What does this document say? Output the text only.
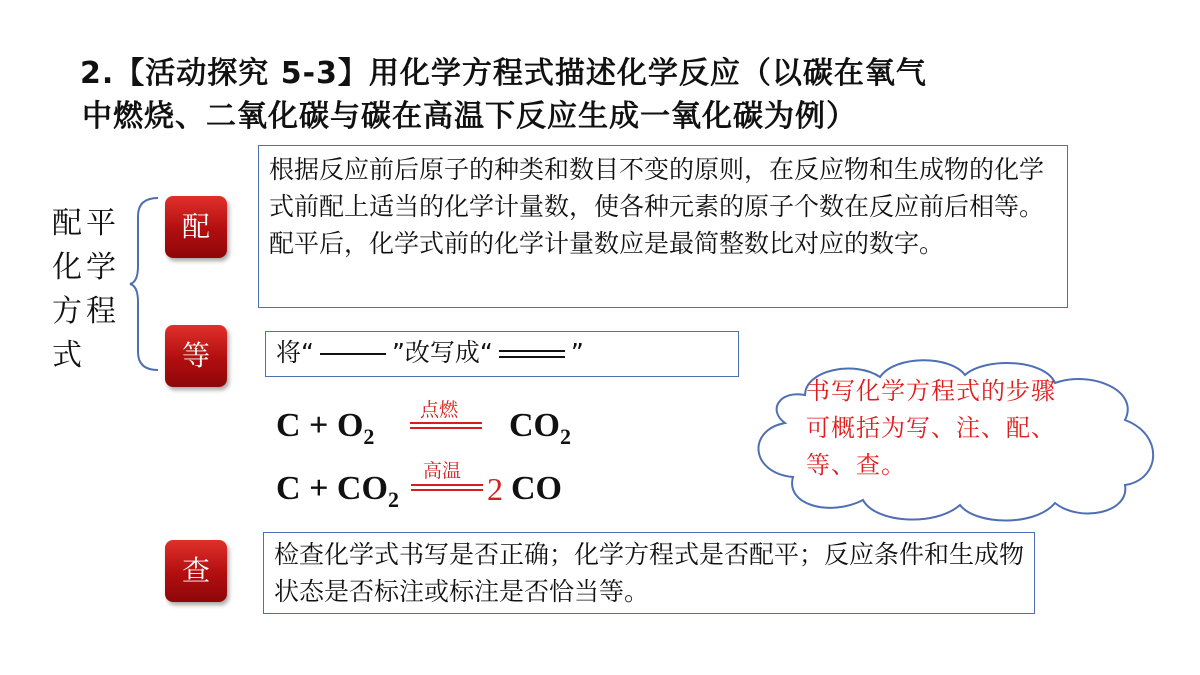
2.【活动探究 5-3】用化学方程式描述化学反应（以碳在氧气
中燃烧、二氧化碳与碳在高温下反应生成一氧化碳为例）
配平化学方程式
配
根据反应前后原子的种类和数目不变的原则，在反应物和生成物的化学式前配上适当的化学计量数，使各种元素的原子个数在反应前后相等。配平后，化学式前的化学计量数应是最简整数比对应的数字。
等	将“	”改写成“	”
$C + O_2$
点燃 $CO_2$
$C + CO_2$
高温 2 CO
书写化学方程式的步骤可概括为写、注、配、等、查。
查	检查化学式书写是否正确；化学方程式是否配平；反应条件和生成物状态是否标注或标注是否恰当等。
